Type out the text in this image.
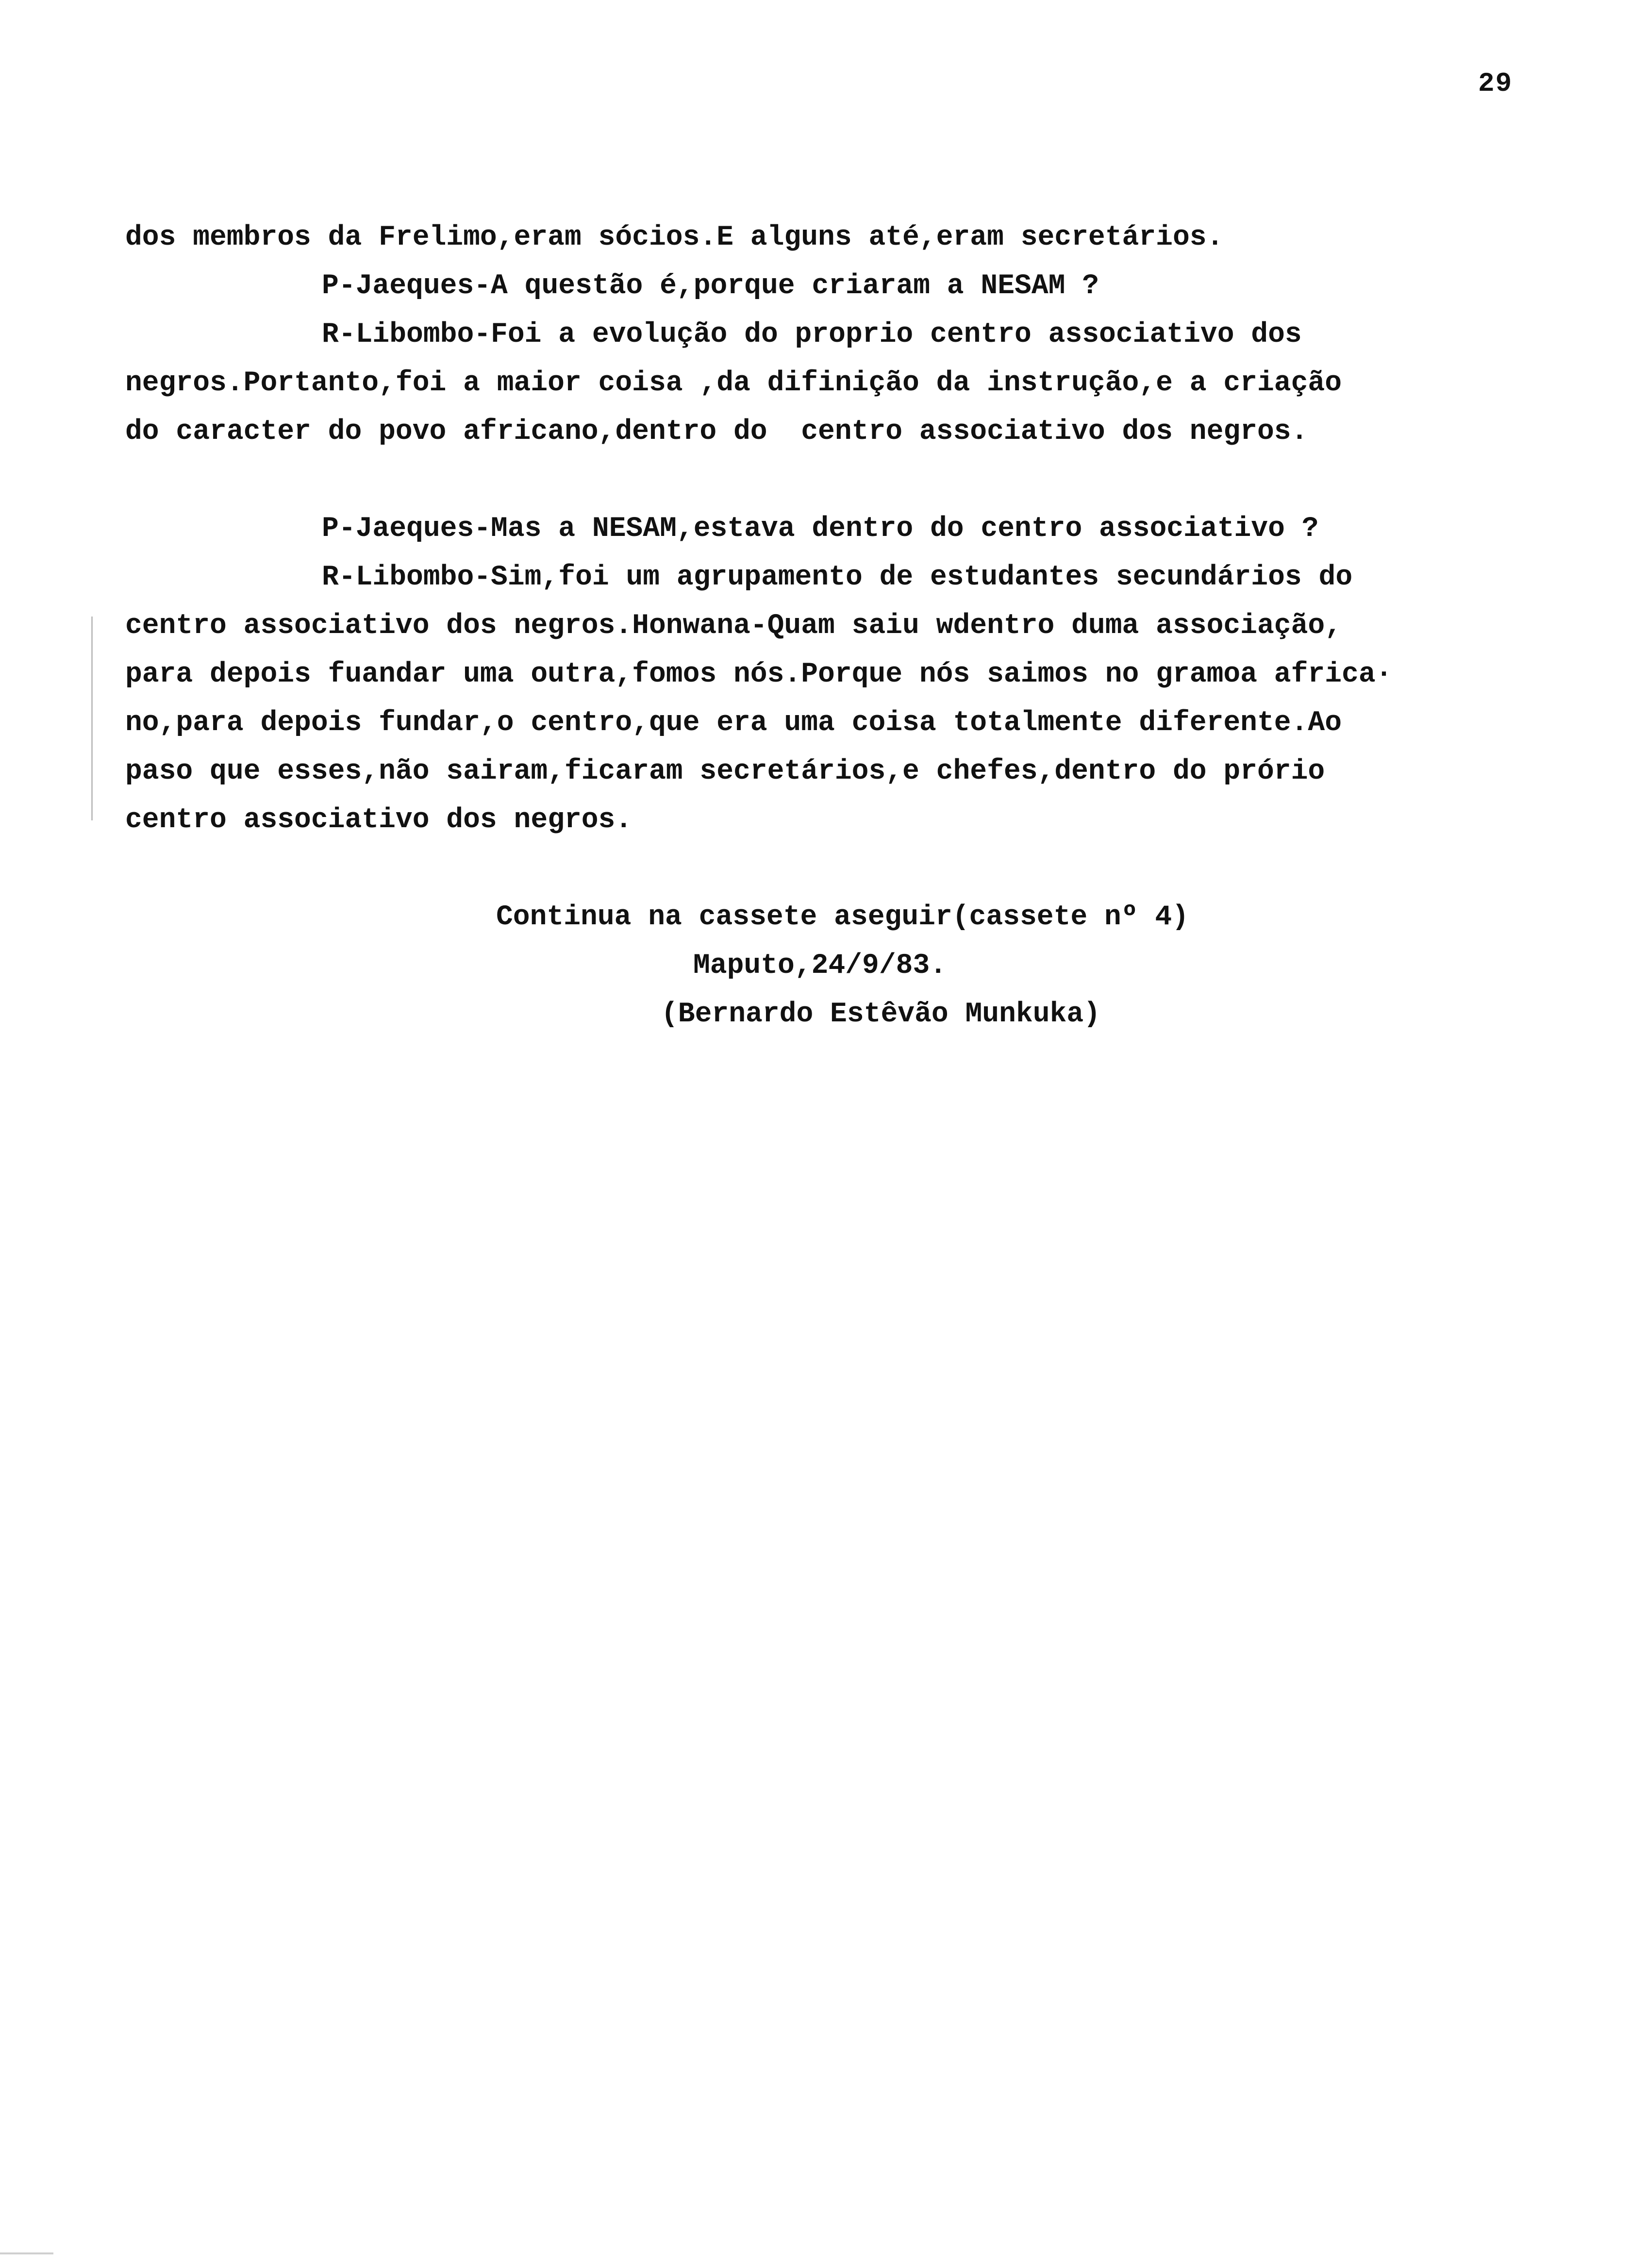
29
dos membros da Frelimo,eram sócios.E alguns até,eram secretários.
P-Jaeques-A questão é,porque criaram a NESAM ?
R-Libombo-Foi a evolução do proprio centro associativo dos
negros.Portanto,foi a maior coisa ,da difinição da instrução,e a criação
do caracter do povo africano,dentro do  centro associativo dos negros.
P-Jaeques-Mas a NESAM,estava dentro do centro associativo ?
R-Libombo-Sim,foi um agrupamento de estudantes secundários do
centro associativo dos negros.Honwana-Quam saiu wdentro duma associação,
para depois fuandar uma outra,fomos nós.Porque nós saimos no gramoa africa·
no,para depois fundar,o centro,que era uma coisa totalmente diferente.Ao
paso que esses,não sairam,ficaram secretários,e chefes,dentro do prório
centro associativo dos negros.
Continua na cassete aseguir(cassete nº 4)
Maputo,24/9/83.
(Bernardo Estêvão Munkuka)
